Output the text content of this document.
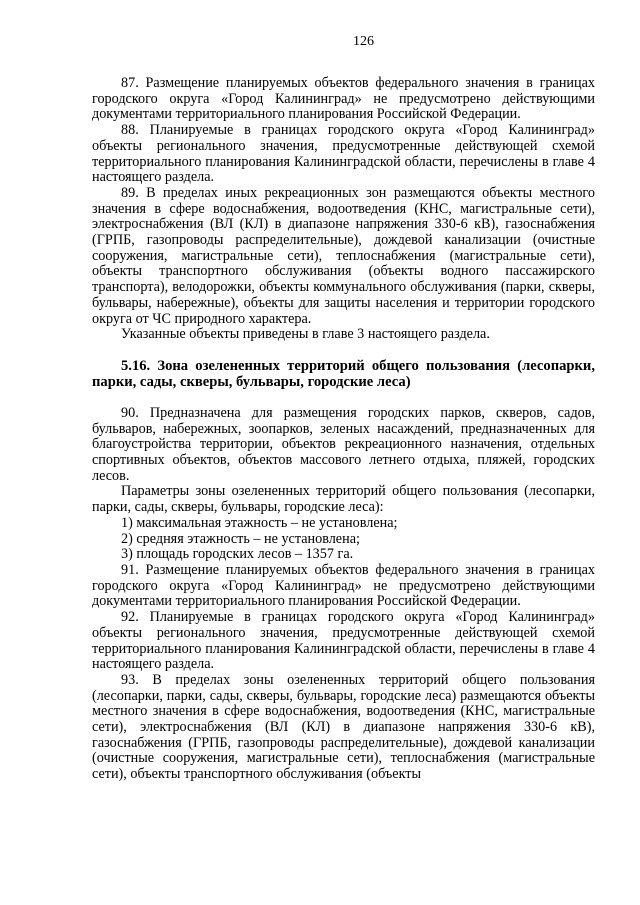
126

87. Размещение планируемых объектов федерального значения в границах городского округа «Город Калининград» не предусмотрено действующими документами территориального планирования Российской Федерации.

88. Планируемые в границах городского округа «Город Калининград» объекты регионального значения, предусмотренные действующей схемой территориального планирования Калининградской области, перечислены в главе 4 настоящего раздела.

89. В пределах иных рекреационных зон размещаются объекты местного значения в сфере водоснабжения, водоотведения (КНС, магистральные сети), электроснабжения (ВЛ (КЛ) в диапазоне напряжения 330-6 кВ), газоснабжения (ГРПБ, газопроводы распределительные), дождевой канализации (очистные сооружения, магистральные сети), теплоснабжения (магистральные сети), объекты транспортного обслуживания (объекты водного пассажирского транспорта), велодорожки, объекты коммунального обслуживания (парки, скверы, бульвары, набережные), объекты для защиты населения и территории городского округа от ЧС природного характера.

Указанные объекты приведены в главе 3 настоящего раздела.

5.16. Зона озелененных территорий общего пользования (лесопарки, парки, сады, скверы, бульвары, городские леса)

90. Предназначена для размещения городских парков, скверов, садов, бульваров, набережных, зоопарков, зеленых насаждений, предназначенных для благоустройства территории, объектов рекреационного назначения, отдельных спортивных объектов, объектов массового летнего отдыха, пляжей, городских лесов.

Параметры зоны озелененных территорий общего пользования (лесопарки, парки, сады, скверы, бульвары, городские леса):

1) максимальная этажность – не установлена;

2) средняя этажность – не установлена;

3) площадь городских лесов – 1357 га.

91. Размещение планируемых объектов федерального значения в границах городского округа «Город Калининград» не предусмотрено действующими документами территориального планирования Российской Федерации.

92. Планируемые в границах городского округа «Город Калининград» объекты регионального значения, предусмотренные действующей схемой территориального планирования Калининградской области, перечислены в главе 4 настоящего раздела.

93. В пределах зоны озелененных территорий общего пользования (лесопарки, парки, сады, скверы, бульвары, городские леса) размещаются объекты местного значения в сфере водоснабжения, водоотведения (КНС, магистральные сети), электроснабжения (ВЛ (КЛ) в диапазоне напряжения 330-6 кВ), газоснабжения (ГРПБ, газопроводы распределительные), дождевой канализации (очистные сооружения, магистральные сети), теплоснабжения (магистральные сети), объекты транспортного обслуживания (объекты
